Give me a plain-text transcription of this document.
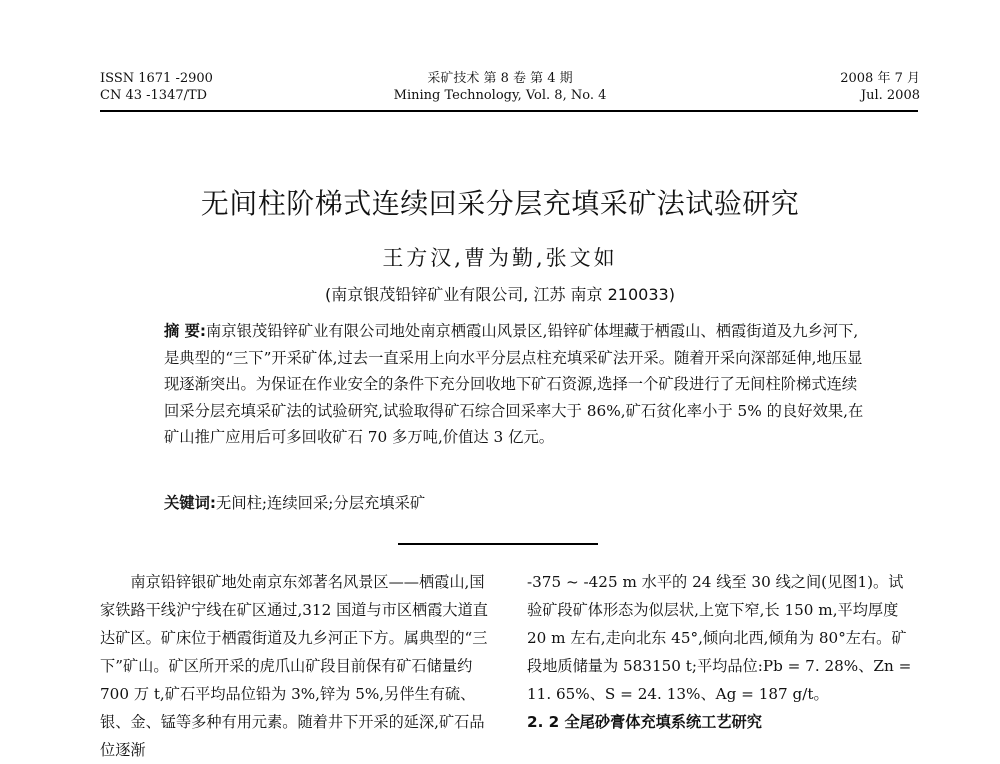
ISSN 1671 -2900
CN 43 -1347/TD
采矿技术 第 8 卷 第 4 期
Mining Technology, Vol. 8, No. 4
2008 年 7 月
Jul. 2008
无间柱阶梯式连续回采分层充填采矿法试验研究
王方汉,曹为勤,张文如
(南京银茂铅锌矿业有限公司, 江苏 南京 210033)
摘 要:南京银茂铅锌矿业有限公司地处南京栖霞山风景区,铅锌矿体埋藏于栖霞山、栖霞街道及九乡河下,是典型的“三下”开采矿体,过去一直采用上向水平分层点柱充填采矿法开采。随着开采向深部延伸,地压显现逐渐突出。为保证在作业安全的条件下充分回收地下矿石资源,选择一个矿段进行了无间柱阶梯式连续回采分层充填采矿法的试验研究,试验取得矿石综合回采率大于 86%,矿石贫化率小于 5% 的良好效果,在矿山推广应用后可多回收矿石 70 多万吨,价值达 3 亿元。
关键词:无间柱;连续回采;分层充填采矿

南京铅锌银矿地处南京东郊著名风景区——栖霞山,国家铁路干线沪宁线在矿区通过,312 国道与市区栖霞大道直达矿区。矿床位于栖霞街道及九乡河正下方。属典型的“三下”矿山。矿区所开采的虎爪山矿段目前保有矿石储量约 700 万 t,矿石平均品位铅为 3%,锌为 5%,另伴生有硫、银、金、锰等多种有用元素。随着井下开采的延深,矿石品位逐渐

-375 ~ -425 m 水平的 24 线至 30 线之间(见图1)。试验矿段矿体形态为似层状,上宽下窄,长 150 m,平均厚度 20 m 左右,走向北东 45°,倾向北西,倾角为 80°左右。矿段地质储量为 583150 t;平均品位:Pb = 7. 28%、Zn = 11. 65%、S = 24. 13%、Ag = 187 g/t。

2. 2 全尾砂膏体充填系统工艺研究
